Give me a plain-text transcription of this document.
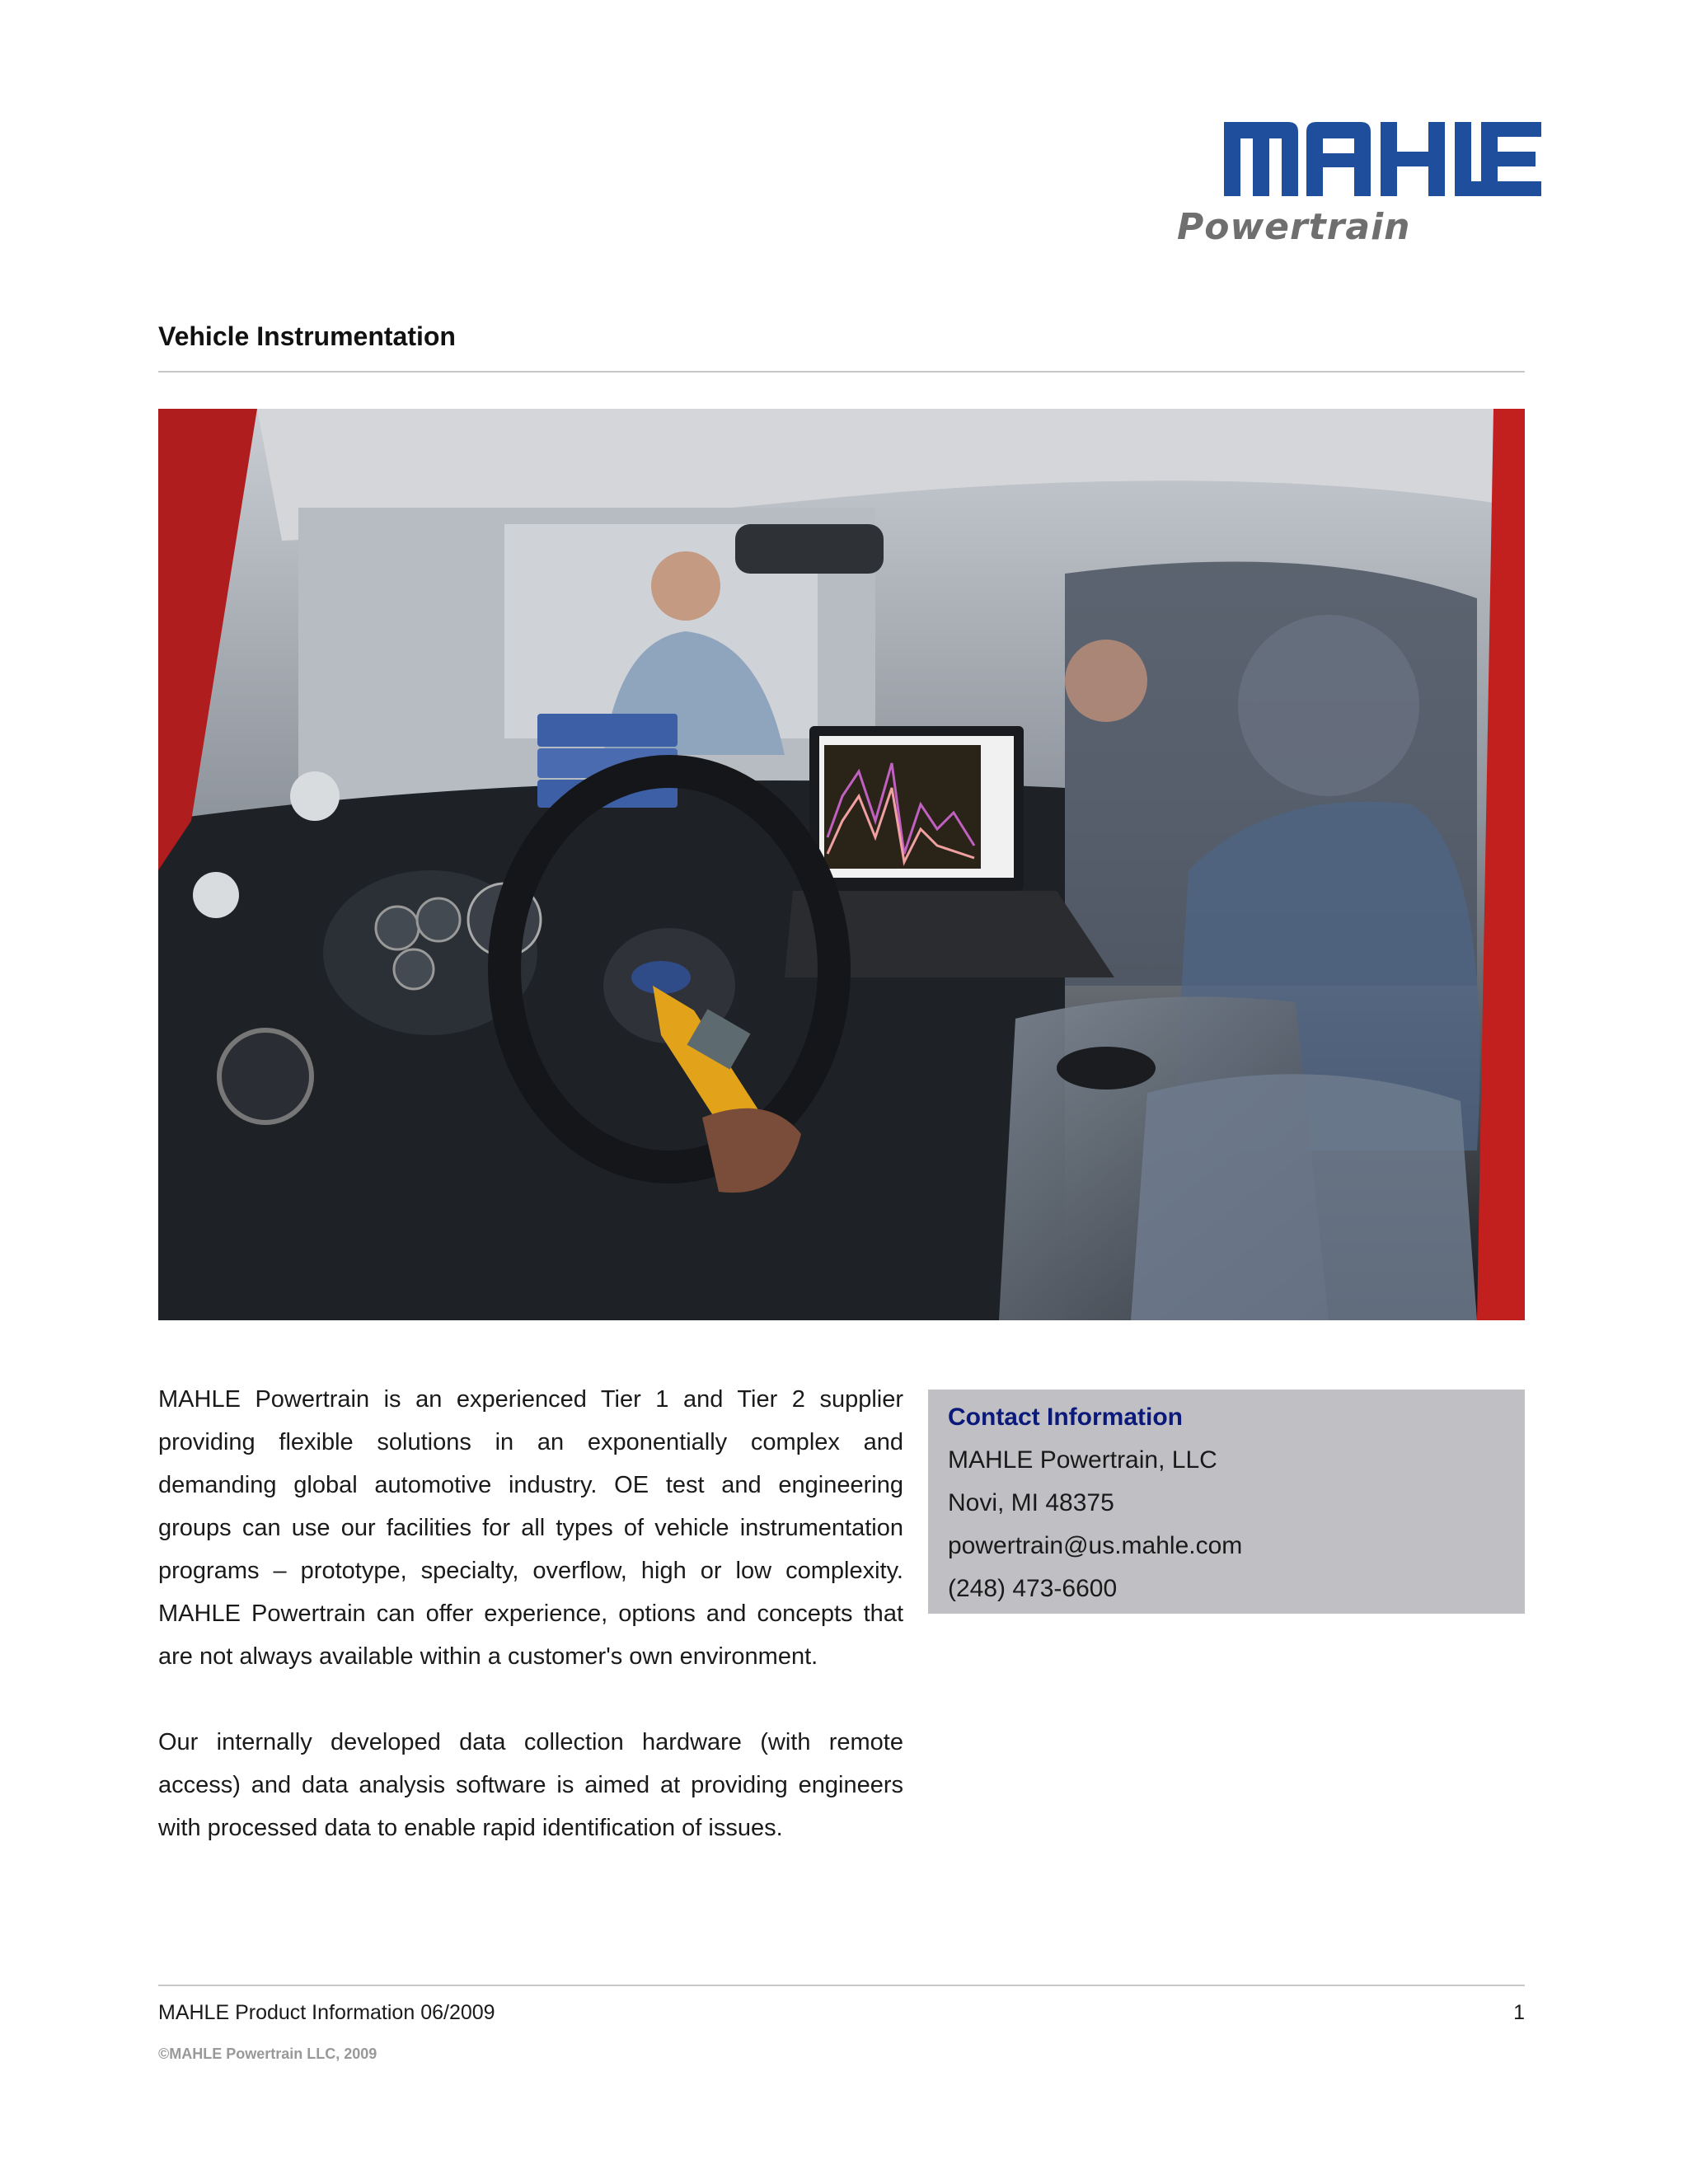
Powertrain
Vehicle Instrumentation

MAHLE Powertrain is an experienced Tier 1 and Tier 2 supplier providing flexible solutions in an exponentially complex and demanding global automotive industry. OE test and engineering groups can use our facilities for all types of vehicle instrumentation programs – prototype, specialty, overflow, high or low complexity. MAHLE Powertrain can offer experience, options and concepts that are not always available within a customer's own environment.

Our internally developed data collection hardware (with remote access) and data analysis software is aimed at providing engineers with processed data to enable rapid identification of issues.

Contact Information
MAHLE Powertrain, LLC
Novi, MI 48375
powertrain@us.mahle.com
(248) 473-6600
MAHLE Product Information 06/2009	1
©MAHLE Powertrain LLC, 2009
